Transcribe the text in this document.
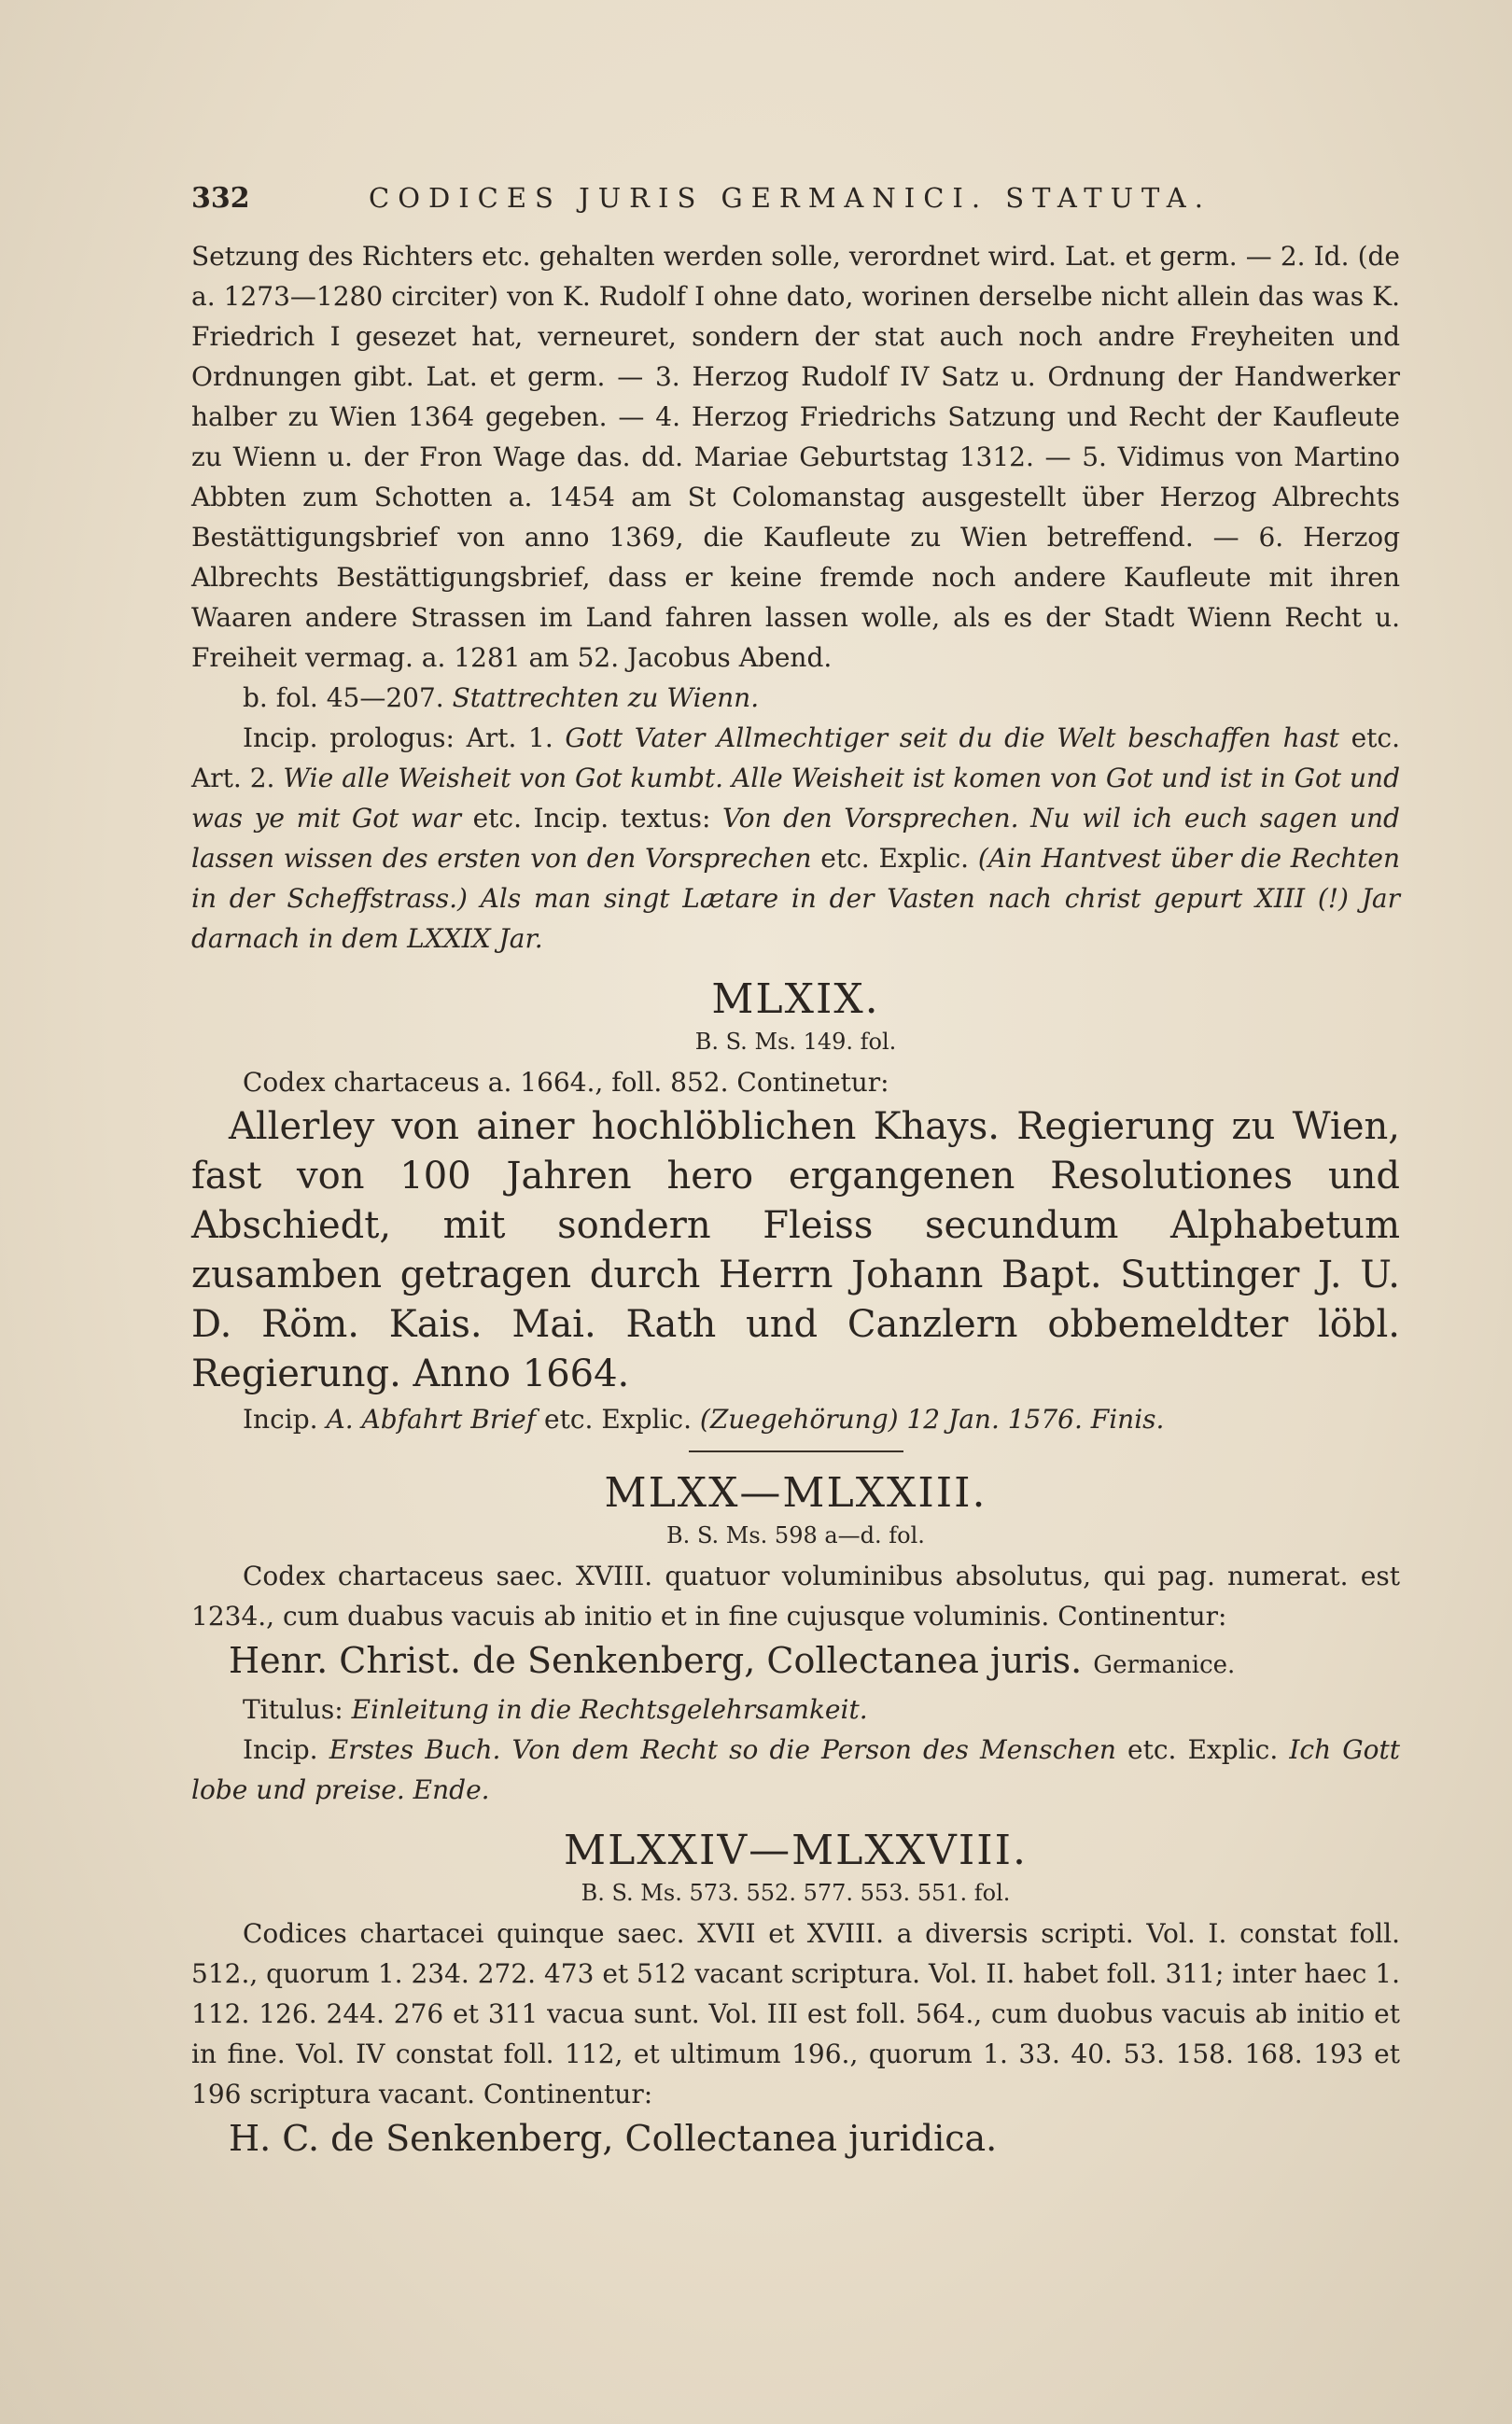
332	CODICES JURIS GERMANICI. STATUTA.

Setzung des Richters etc. gehalten werden solle, verordnet wird. Lat. et germ. — 2. Id. (de a. 1273—1280 circiter) von K. Rudolf I ohne dato, worinen derselbe nicht allein das was K. Friedrich I gesezet hat, verneuret, sondern der stat auch noch andre Freyheiten und Ordnungen gibt. Lat. et germ. — 3. Herzog Rudolf IV Satz u. Ordnung der Handwerker halber zu Wien 1364 gegeben. — 4. Herzog Friedrichs Satzung und Recht der Kaufleute zu Wienn u. der Fron Wage das. dd. Mariae Geburtstag 1312. — 5. Vidimus von Martino Abbten zum Schotten a. 1454 am St Colomanstag ausgestellt über Herzog Albrechts Bestättigungsbrief von anno 1369, die Kaufleute zu Wien betreffend. — 6. Herzog Albrechts Bestättigungsbrief, dass er keine fremde noch andere Kaufleute mit ihren Waaren andere Strassen im Land fahren lassen wolle, als es der Stadt Wienn Recht u. Freiheit vermag. a. 1281 am 52. Jacobus Abend.

b. fol. 45—207. Stattrechten zu Wienn.

Incip. prologus: Art. 1. Gott Vater Allmechtiger seit du die Welt beschaffen hast etc. Art. 2. Wie alle Weisheit von Got kumbt. Alle Weisheit ist komen von Got und ist in Got und was ye mit Got war etc. Incip. textus: Von den Vorsprechen. Nu wil ich euch sagen und lassen wissen des ersten von den Vorsprechen etc. Explic. (Ain Hantvest über die Rechten in der Scheffstrass.) Als man singt Lætare in der Vasten nach christ gepurt XIII (!) Jar darnach in dem LXXIX Jar.

MLXIX.
B. S. Ms. 149. fol.

Codex chartaceus a. 1664., foll. 852. Continetur:

Allerley von ainer hochlöblichen Khays. Regierung zu Wien, fast von 100 Jahren hero ergangenen Resolutiones und Abschiedt, mit sondern Fleiss secundum Alphabetum zusamben getragen durch Herrn Johann Bapt. Suttinger J. U. D. Röm. Kais. Mai. Rath und Canzlern obbemeldter löbl. Regierung. Anno 1664.

Incip. A. Abfahrt Brief etc. Explic. (Zuegehörung) 12 Jan. 1576. Finis.

MLXX—MLXXIII.
B. S. Ms. 598 a—d. fol.

Codex chartaceus saec. XVIII. quatuor voluminibus absolutus, qui pag. numerat. est 1234., cum duabus vacuis ab initio et in fine cujusque voluminis. Continentur:

Henr. Christ. de Senkenberg, Collectanea juris. Germanice.

Titulus: Einleitung in die Rechtsgelehrsamkeit.

Incip. Erstes Buch. Von dem Recht so die Person des Menschen etc. Explic. Ich Gott lobe und preise. Ende.

MLXXIV—MLXXVIII.
B. S. Ms. 573. 552. 577. 553. 551. fol.

Codices chartacei quinque saec. XVII et XVIII. a diversis scripti. Vol. I. constat foll. 512., quorum 1. 234. 272. 473 et 512 vacant scriptura. Vol. II. habet foll. 311; inter haec 1. 112. 126. 244. 276 et 311 vacua sunt. Vol. III est foll. 564., cum duobus vacuis ab initio et in fine. Vol. IV constat foll. 112, et ultimum 196., quorum 1. 33. 40. 53. 158. 168. 193 et 196 scriptura vacant. Continentur:

H. C. de Senkenberg, Collectanea juridica.
